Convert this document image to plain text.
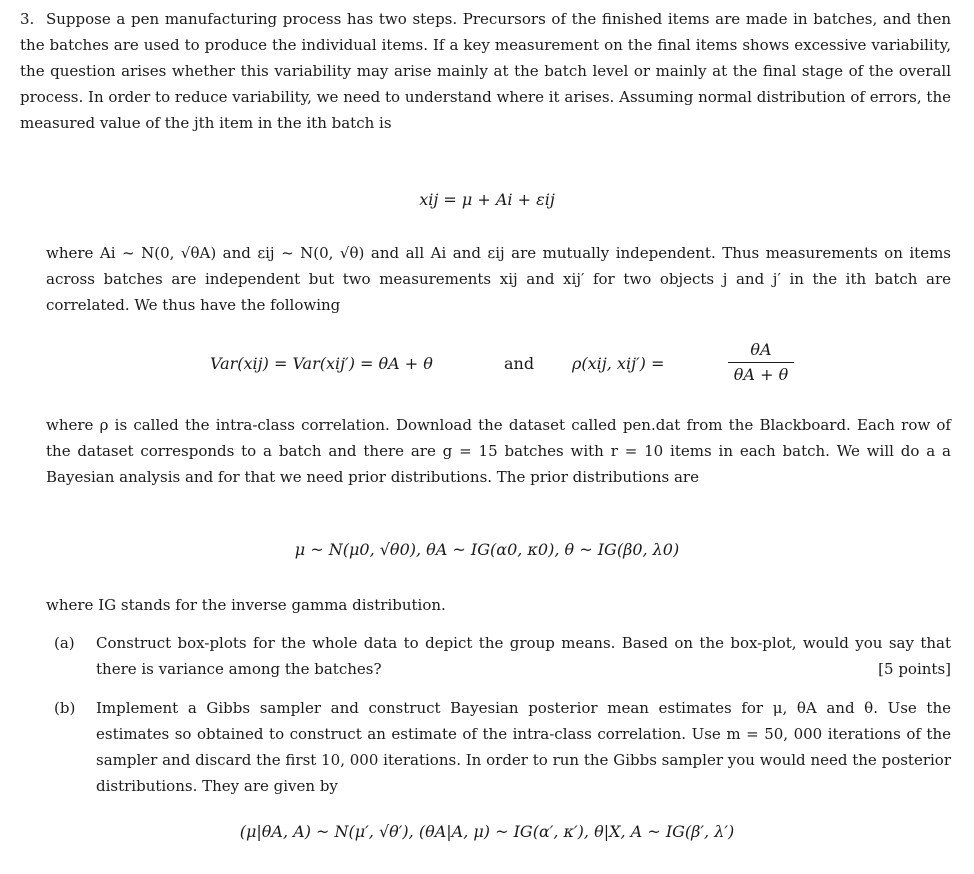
3. Suppose a pen manufacturing process has two steps. Precursors of the finished items are made in batches, and then the batches are used to produce the individual items. If a key measurement on the final items shows excessive variability, the question arises whether this variability may arise mainly at the batch level or mainly at the final stage of the overall process. In order to reduce variability, we need to understand where it arises. Assuming normal distribution of errors, the measured value of the jth item in the ith batch is

xij = μ + Ai + εij

where Ai ~ N(0, √θA) and εij ~ N(0, √θ) and all Ai and εij are mutually independent. Thus measurements on items across batches are independent but two measurements xij and xij′ for two objects j and j′ in the ith batch are correlated. We thus have the following

Var(xij) = Var(xij′) = θA + θ	and ρ(xij, xij′) =
θA
θA + θ

where ρ is called the intra-class correlation. Download the dataset called pen.dat from the Blackboard. Each row of the dataset corresponds to a batch and there are g = 15 batches with r = 10 items in each batch. We will do a a Bayesian analysis and for that we need prior distributions. The prior distributions are

μ ~ N(μ0, √θ0), θA ~ IG(α0, κ0), θ ~ IG(β0, λ0)

where IG stands for the inverse gamma distribution.

(a) Construct box-plots for the whole data to depict the group means. Based on the box-plot, would you say that there is variance among the batches?	[5 points]
(b) Implement a Gibbs sampler and construct Bayesian posterior mean estimates for μ, θA and θ. Use the estimates so obtained to construct an estimate of the intra-class correlation. Use m = 50, 000 iterations of the sampler and discard the first 10, 000 iterations. In order to run the Gibbs sampler you would need the posterior distributions. They are given by

(μ|θA, A) ~ N(μ′, √θ′), (θA|A, μ) ~ IG(α′, κ′), θ|X, A ~ IG(β′, λ′)
